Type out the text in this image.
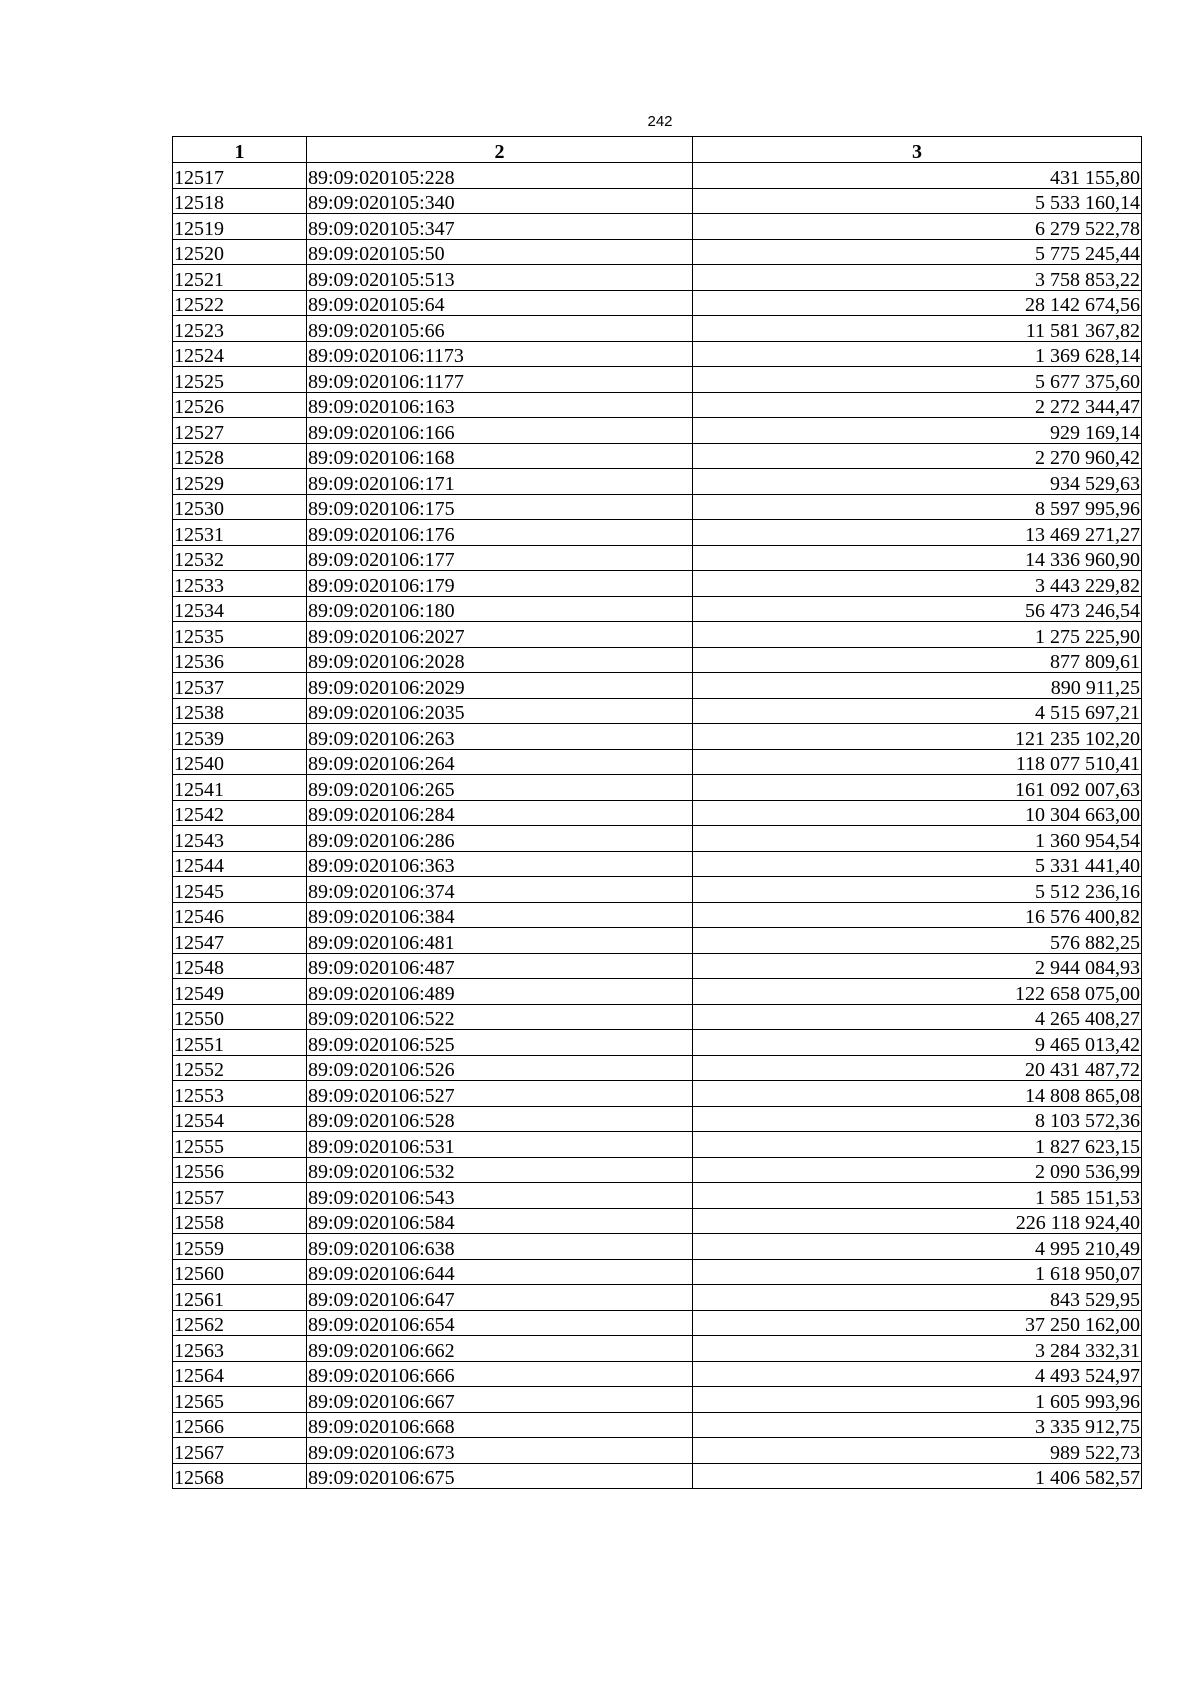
242
1	2	3
12517	89:09:020105:228	431 155,80
12518	89:09:020105:340	5 533 160,14
12519	89:09:020105:347	6 279 522,78
12520	89:09:020105:50	5 775 245,44
12521	89:09:020105:513	3 758 853,22
12522	89:09:020105:64	28 142 674,56
12523	89:09:020105:66	11 581 367,82
12524	89:09:020106:1173	1 369 628,14
12525	89:09:020106:1177	5 677 375,60
12526	89:09:020106:163	2 272 344,47
12527	89:09:020106:166	929 169,14
12528	89:09:020106:168	2 270 960,42
12529	89:09:020106:171	934 529,63
12530	89:09:020106:175	8 597 995,96
12531	89:09:020106:176	13 469 271,27
12532	89:09:020106:177	14 336 960,90
12533	89:09:020106:179	3 443 229,82
12534	89:09:020106:180	56 473 246,54
12535	89:09:020106:2027	1 275 225,90
12536	89:09:020106:2028	877 809,61
12537	89:09:020106:2029	890 911,25
12538	89:09:020106:2035	4 515 697,21
12539	89:09:020106:263	121 235 102,20
12540	89:09:020106:264	118 077 510,41
12541	89:09:020106:265	161 092 007,63
12542	89:09:020106:284	10 304 663,00
12543	89:09:020106:286	1 360 954,54
12544	89:09:020106:363	5 331 441,40
12545	89:09:020106:374	5 512 236,16
12546	89:09:020106:384	16 576 400,82
12547	89:09:020106:481	576 882,25
12548	89:09:020106:487	2 944 084,93
12549	89:09:020106:489	122 658 075,00
12550	89:09:020106:522	4 265 408,27
12551	89:09:020106:525	9 465 013,42
12552	89:09:020106:526	20 431 487,72
12553	89:09:020106:527	14 808 865,08
12554	89:09:020106:528	8 103 572,36
12555	89:09:020106:531	1 827 623,15
12556	89:09:020106:532	2 090 536,99
12557	89:09:020106:543	1 585 151,53
12558	89:09:020106:584	226 118 924,40
12559	89:09:020106:638	4 995 210,49
12560	89:09:020106:644	1 618 950,07
12561	89:09:020106:647	843 529,95
12562	89:09:020106:654	37 250 162,00
12563	89:09:020106:662	3 284 332,31
12564	89:09:020106:666	4 493 524,97
12565	89:09:020106:667	1 605 993,96
12566	89:09:020106:668	3 335 912,75
12567	89:09:020106:673	989 522,73
12568	89:09:020106:675	1 406 582,57
